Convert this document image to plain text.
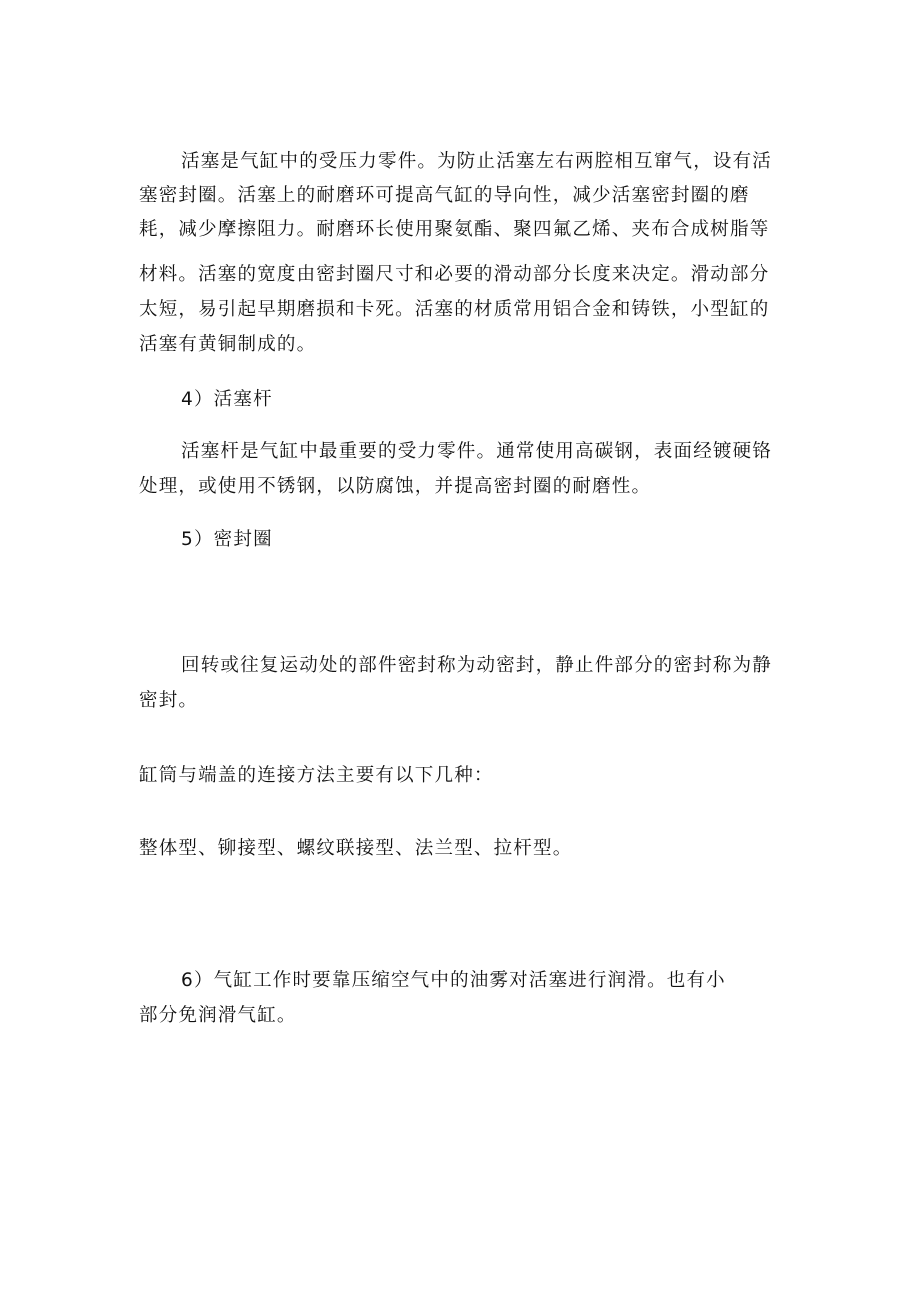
活塞是气缸中的受压力零件。为防止活塞左右两腔相互窜气，设有活
塞密封圈。活塞上的耐磨环可提高气缸的导向性，减少活塞密封圈的磨
耗，减少摩擦阻力。耐磨环长使用聚氨酯、聚四氟乙烯、夹布合成树脂等
材料。活塞的宽度由密封圈尺寸和必要的滑动部分长度来决定。滑动部分
太短，易引起早期磨损和卡死。活塞的材质常用铝合金和铸铁，小型缸的
活塞有黄铜制成的。
4）活塞杆
活塞杆是气缸中最重要的受力零件。通常使用高碳钢，表面经镀硬铬
处理，或使用不锈钢，以防腐蚀，并提高密封圈的耐磨性。
5）密封圈
回转或往复运动处的部件密封称为动密封，静止件部分的密封称为静
密封。
缸筒与端盖的连接方法主要有以下几种：
整体型、铆接型、螺纹联接型、法兰型、拉杆型。
6）气缸工作时要靠压缩空气中的油雾对活塞进行润滑。也有小
部分免润滑气缸。
